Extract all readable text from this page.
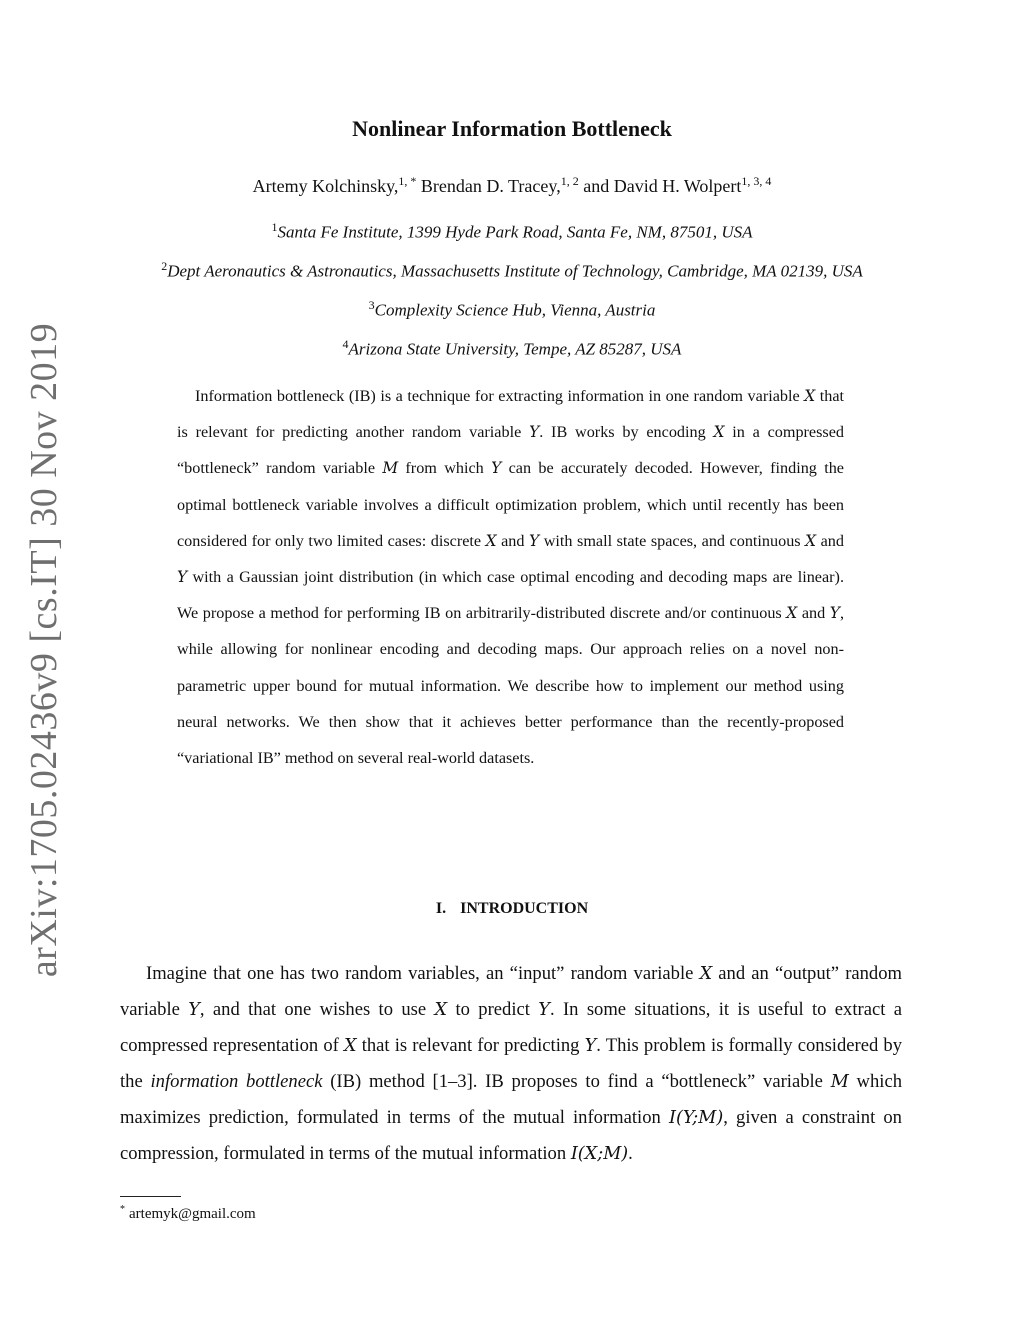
arXiv:1705.02436v9 [cs.IT] 30 Nov 2019
Nonlinear Information Bottleneck
Artemy Kolchinsky,$^{1, *}$ Brendan D. Tracey,$^{1, 2}$ and David H. Wolpert$^{1, 3, 4}$
$^1$Santa Fe Institute, 1399 Hyde Park Road, Santa Fe, NM, 87501, USA
$^2$Dept Aeronautics & Astronautics, Massachusetts Institute of Technology, Cambridge, MA 02139, USA
$^3$Complexity Science Hub, Vienna, Austria
$^4$Arizona State University, Tempe, AZ 85287, USA
Information bottleneck (IB) is a technique for extracting information in one random variable X that is relevant for predicting another random variable Y. IB works by encoding X in a compressed “bottleneck” random variable M from which Y can be accurately decoded. However, finding the optimal bottleneck variable involves a difficult optimization problem, which until recently has been considered for only two limited cases: discrete X and Y with small state spaces, and continuous X and Y with a Gaussian joint distribution (in which case optimal encoding and decoding maps are linear). We propose a method for performing IB on arbitrarily-distributed discrete and/or continuous X and Y, while allowing for nonlinear encoding and decoding maps. Our approach relies on a novel non-parametric upper bound for mutual information. We describe how to implement our method using neural networks. We then show that it achieves better performance than the recently-proposed “variational IB” method on several real-world datasets.
I. INTRODUCTION
Imagine that one has two random variables, an “input” random variable X and an “output” random variable Y, and that one wishes to use X to predict Y. In some situations, it is useful to extract a compressed representation of X that is relevant for predicting Y. This problem is formally considered by the information bottleneck (IB) method [1–3]. IB proposes to find a “bottleneck” variable M which maximizes prediction, formulated in terms of the mutual information I(Y;M), given a constraint on compression, formulated in terms of the mutual information I(X;M).
* artemyk@gmail.com
